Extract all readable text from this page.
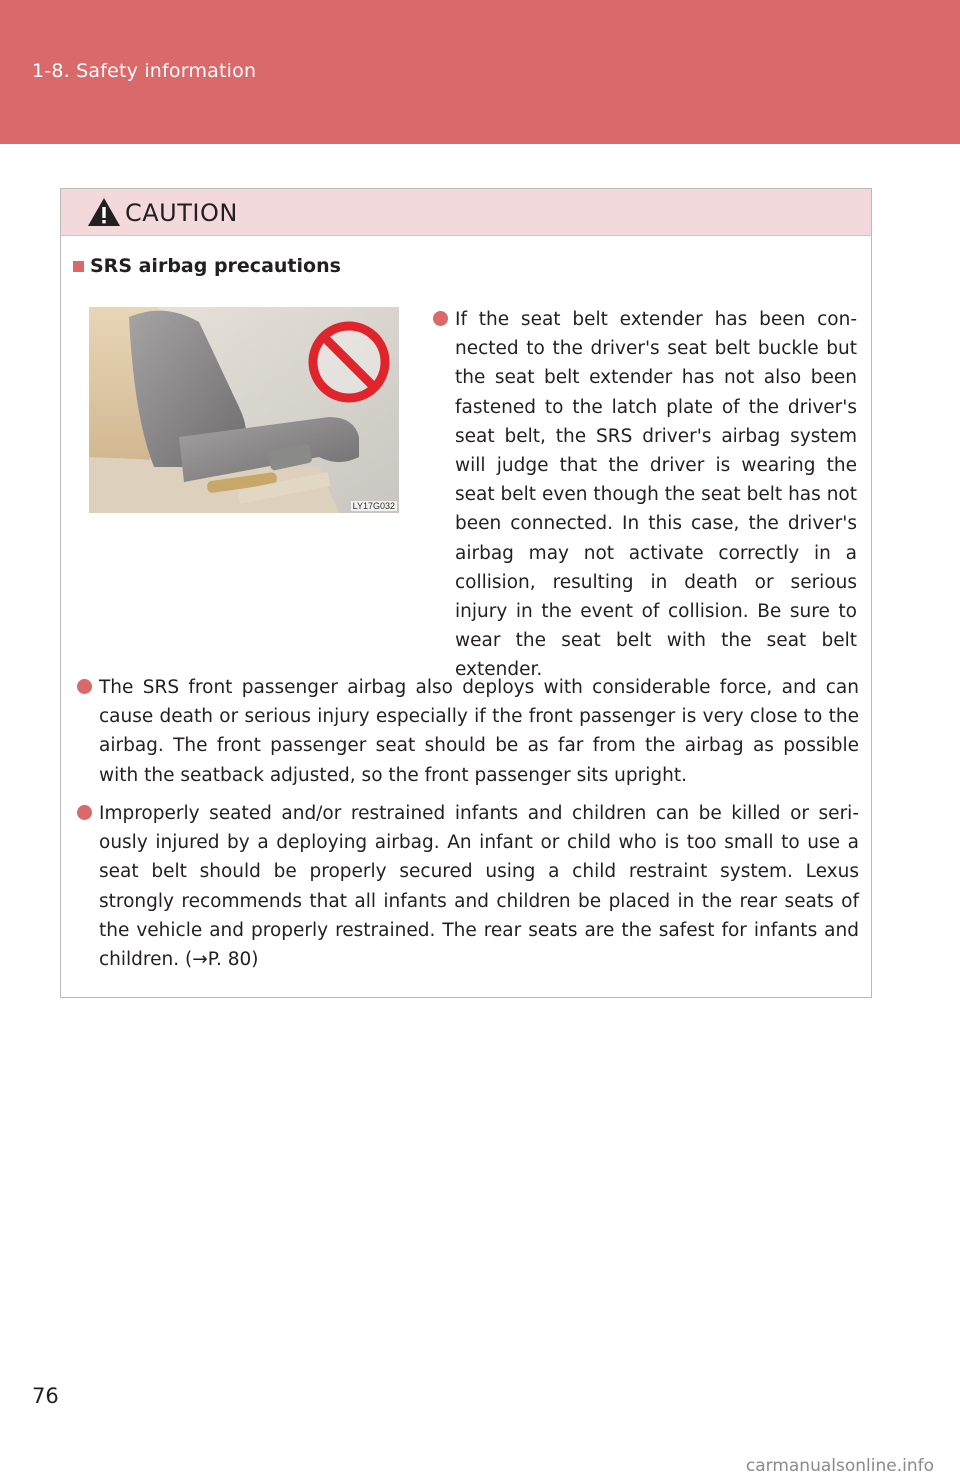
1-8. Safety information
CAUTION
SRS airbag precautions
LY17G032

If the seat belt extender has been con-nected to the driver's seat belt buckle but the seat belt extender has not also been fastened to the latch plate of the driver's seat belt, the SRS driver's airbag system will judge that the driver is wearing the seat belt even though the seat belt has not been connected. In this case, the driver's airbag may not activate correctly in a collision, resulting in death or serious injury in the event of collision. Be sure to wear the seat belt with the seat belt extender.

The SRS front passenger airbag also deploys with considerable force, and can cause death or serious injury especially if the front passenger is very close to the airbag. The front passenger seat should be as far from the airbag as possible with the seatback adjusted, so the front passenger sits upright.

Improperly seated and/or restrained infants and children can be killed or seri-ously injured by a deploying airbag. An infant or child who is too small to use a seat belt should be properly secured using a child restraint system. Lexus strongly recommends that all infants and children be placed in the rear seats of the vehicle and properly restrained. The rear seats are the safest for infants and children. (→P. 80)

76
carmanualsonline.info
